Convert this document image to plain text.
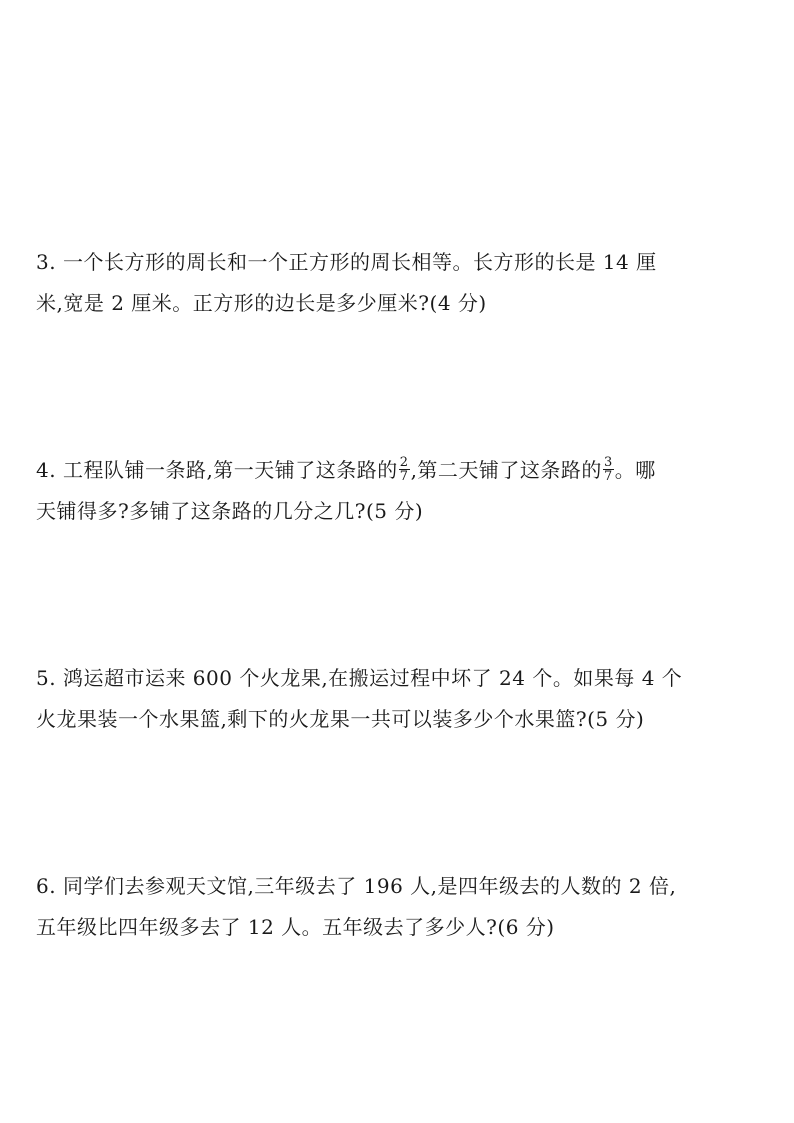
3. 一个长方形的周长和一个正方形的周长相等。长方形的长是 14 厘
米,宽是 2 厘米。正方形的边长是多少厘米?(4 分)
4. 工程队铺一条路,第一天铺了这条路的 $\frac{2}{7}$ ,第二天铺了这条路的 $\frac{3}{7}$ 。哪
天铺得多?多铺了这条路的几分之几?(5 分)
5. 鸿运超市运来 600 个火龙果,在搬运过程中坏了 24 个。如果每 4 个
火龙果装一个水果篮,剩下的火龙果一共可以装多少个水果篮?(5 分)
6. 同学们去参观天文馆,三年级去了 196 人,是四年级去的人数的 2 倍,
五年级比四年级多去了 12 人。五年级去了多少人?(6 分)
